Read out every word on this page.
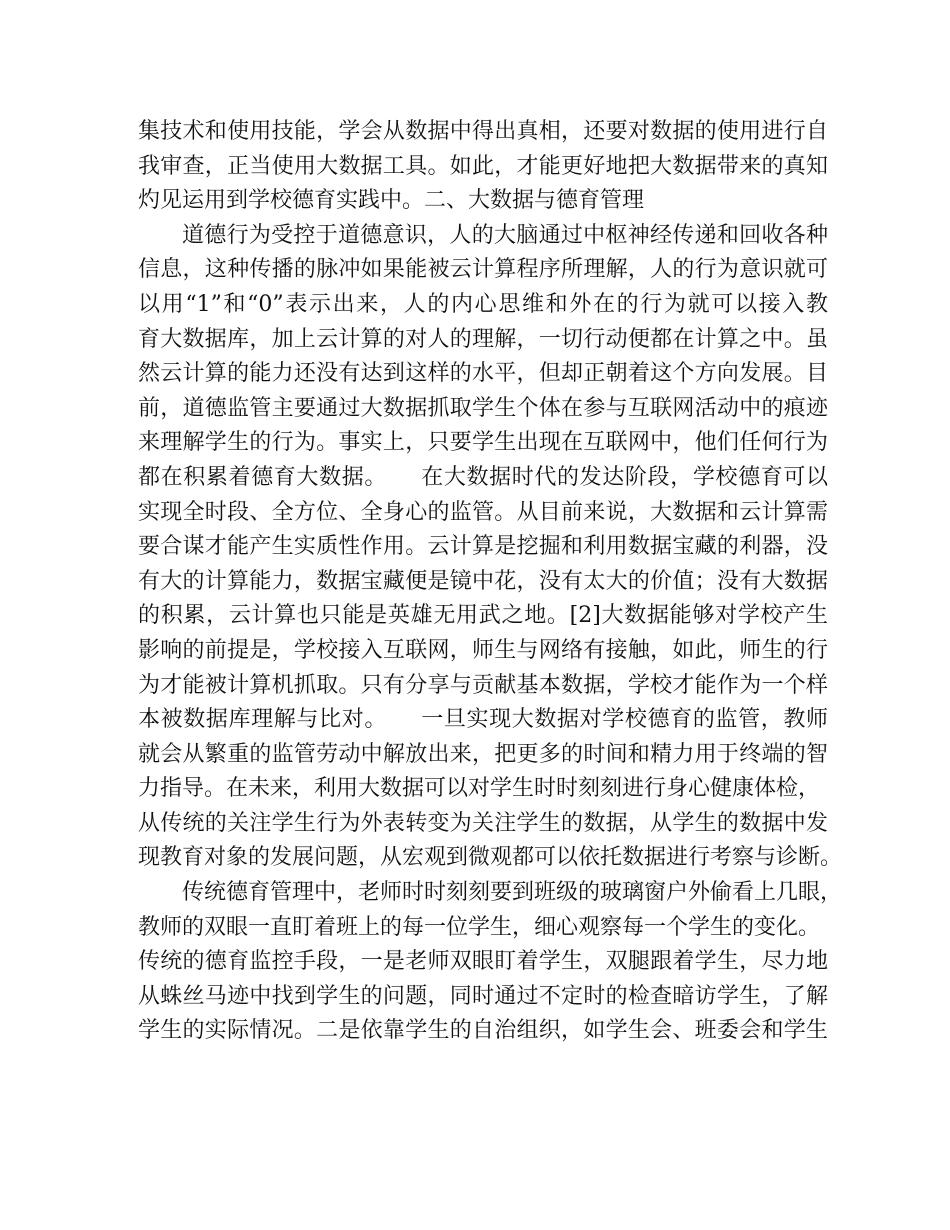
集技术和使用技能，学会从数据中得出真相，还要对数据的使用进行自
我审查，正当使用大数据工具。如此，才能更好地把大数据带来的真知
灼见运用到学校德育实践中。二、大数据与德育管理
道德行为受控于道德意识，人的大脑通过中枢神经传递和回收各种
信息，这种传播的脉冲如果能被云计算程序所理解，人的行为意识就可
以用“1”和“0”表示出来，人的内心思维和外在的行为就可以接入教
育大数据库，加上云计算的对人的理解，一切行动便都在计算之中。虽
然云计算的能力还没有达到这样的水平，但却正朝着这个方向发展。目
前，道德监管主要通过大数据抓取学生个体在参与互联网活动中的痕迹
来理解学生的行为。事实上，只要学生出现在互联网中，他们任何行为
都在积累着德育大数据。　　在大数据时代的发达阶段，学校德育可以
实现全时段、全方位、全身心的监管。从目前来说，大数据和云计算需
要合谋才能产生实质性作用。云计算是挖掘和利用数据宝藏的利器，没
有大的计算能力，数据宝藏便是镜中花，没有太大的价值；没有大数据
的积累，云计算也只能是英雄无用武之地。[2]大数据能够对学校产生
影响的前提是，学校接入互联网，师生与网络有接触，如此，师生的行
为才能被计算机抓取。只有分享与贡献基本数据，学校才能作为一个样
本被数据库理解与比对。　　一旦实现大数据对学校德育的监管，教师
就会从繁重的监管劳动中解放出来，把更多的时间和精力用于终端的智
力指导。在未来，利用大数据可以对学生时时刻刻进行身心健康体检，
从传统的关注学生行为外表转变为关注学生的数据，从学生的数据中发
现教育对象的发展问题，从宏观到微观都可以依托数据进行考察与诊断。
传统德育管理中，老师时时刻刻要到班级的玻璃窗户外偷看上几眼，
教师的双眼一直盯着班上的每一位学生，细心观察每一个学生的变化。
传统的德育监控手段，一是老师双眼盯着学生，双腿跟着学生，尽力地
从蛛丝马迹中找到学生的问题，同时通过不定时的检查暗访学生，了解
学生的实际情况。二是依靠学生的自治组织，如学生会、班委会和学生
